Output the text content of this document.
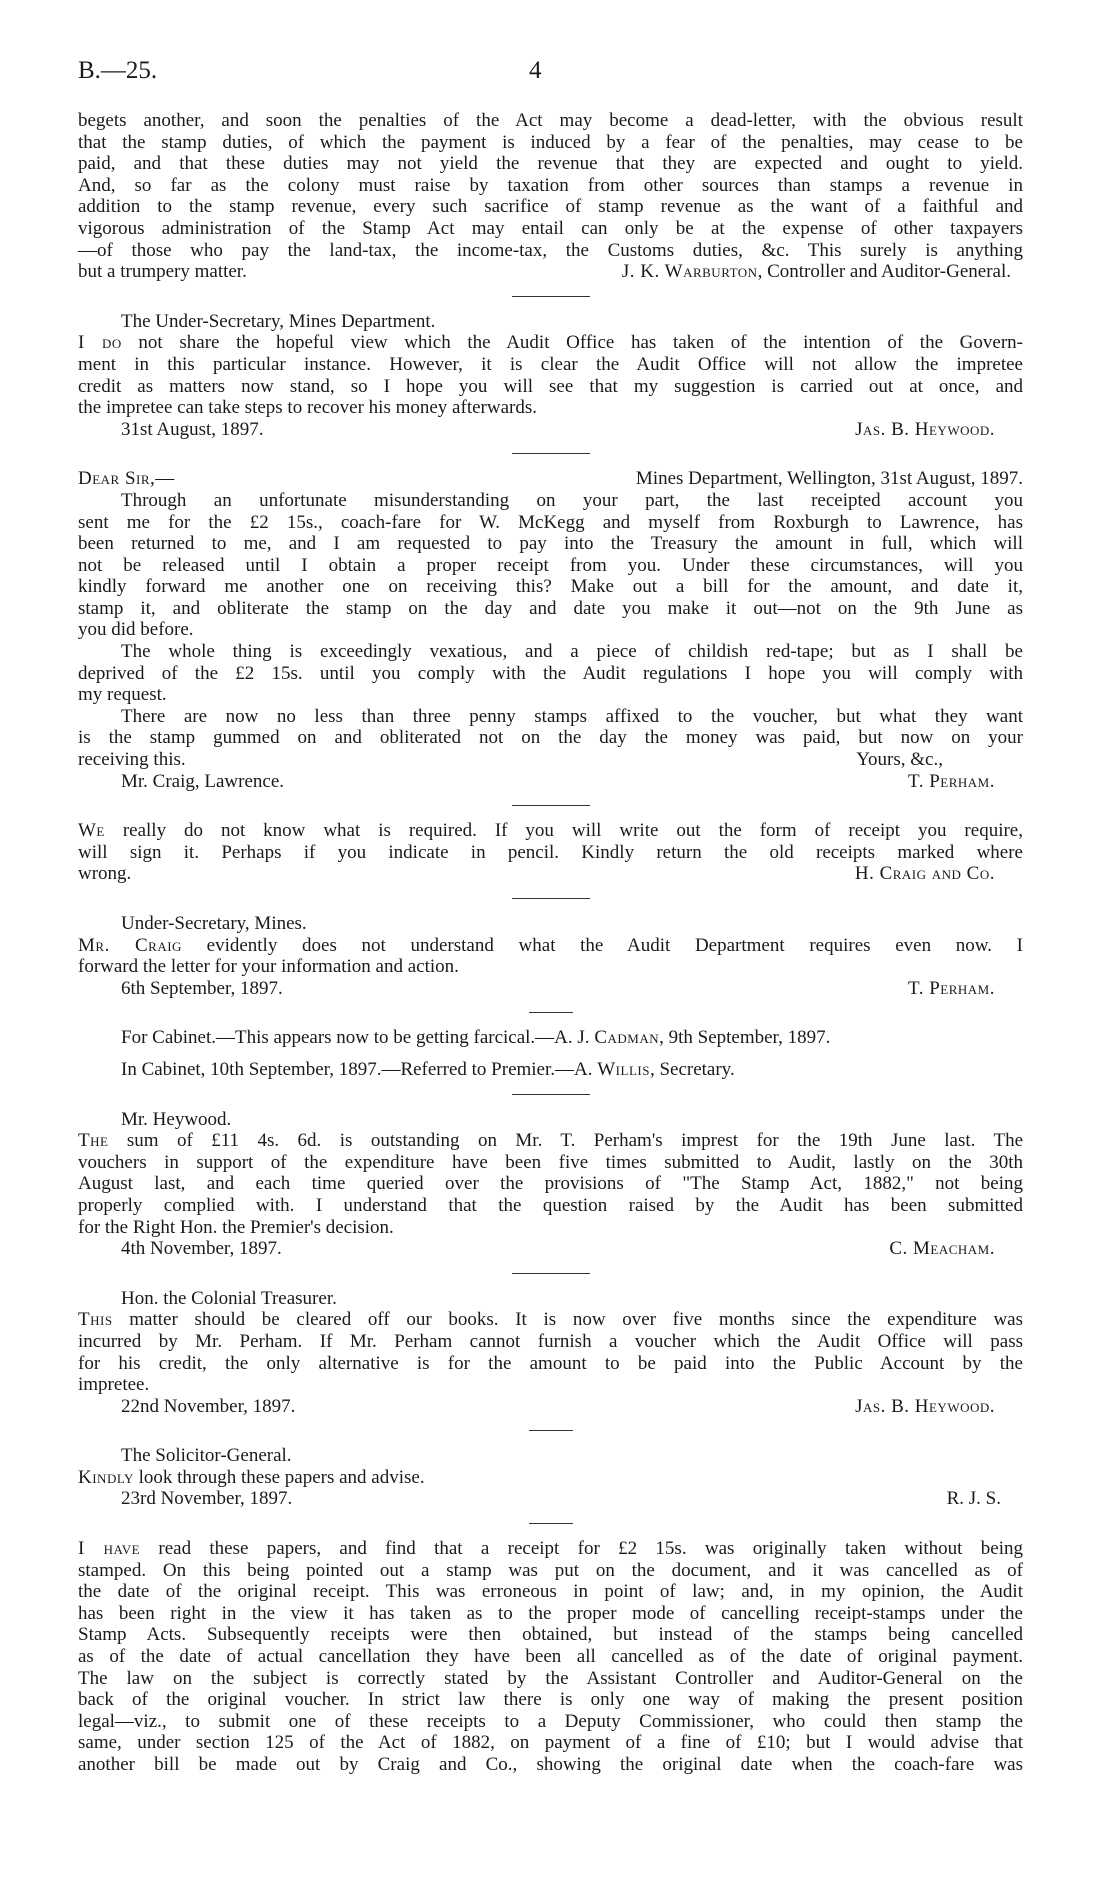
B.—25.	4

begets another, and soon the penalties of the Act may become a dead-letter, with the obvious result

that the stamp duties, of which the payment is induced by a fear of the penalties, may cease to be

paid, and that these duties may not yield the revenue that they are expected and ought to yield.

And, so far as the colony must raise by taxation from other sources than stamps a revenue in

addition to the stamp revenue, every such sacrifice of stamp revenue as the want of a faithful and

vigorous administration of the Stamp Act may entail can only be at the expense of other taxpayers

—of those who pay the land-tax, the income-tax, the Customs duties, &c. This surely is anything

but a trumpery matter.	J. K. Warburton, Controller and Auditor-General.

The Under-Secretary, Mines Department.

I do not share the hopeful view which the Audit Office has taken of the intention of the Govern-

ment in this particular instance. However, it is clear the Audit Office will not allow the impretee

credit as matters now stand, so I hope you will see that my suggestion is carried out at once, and

the impretee can take steps to recover his money afterwards.

31st August, 1897.	Jas. B. Heywood.
Dear Sir,—	Mines Department, Wellington, 31st August, 1897.

Through an unfortunate misunderstanding on your part, the last receipted account you

sent me for the £2 15s., coach-fare for W. McKegg and myself from Roxburgh to Lawrence, has

been returned to me, and I am requested to pay into the Treasury the amount in full, which will

not be released until I obtain a proper receipt from you. Under these circumstances, will you

kindly forward me another one on receiving this? Make out a bill for the amount, and date it,

stamp it, and obliterate the stamp on the day and date you make it out—not on the 9th June as

you did before.

The whole thing is exceedingly vexatious, and a piece of childish red-tape; but as I shall be

deprived of the £2 15s. until you comply with the Audit regulations I hope you will comply with

my request.

There are now no less than three penny stamps affixed to the voucher, but what they want

is the stamp gummed on and obliterated not on the day the money was paid, but now on your

receiving this.	Yours, &c.,
Mr. Craig, Lawrence.	T. Perham.

We really do not know what is required. If you will write out the form of receipt you require,

will sign it. Perhaps if you indicate in pencil. Kindly return the old receipts marked where

wrong.	H. Craig and Co.

Under-Secretary, Mines.

Mr. Craig evidently does not understand what the Audit Department requires even now. I

forward the letter for your information and action.

6th September, 1897.	T. Perham.

For Cabinet.—This appears now to be getting farcical.—A. J. Cadman, 9th September, 1897.

In Cabinet, 10th September, 1897.—Referred to Premier.—A. Willis, Secretary.

Mr. Heywood.

The sum of £11 4s. 6d. is outstanding on Mr. T. Perham's imprest for the 19th June last. The

vouchers in support of the expenditure have been five times submitted to Audit, lastly on the 30th

August last, and each time queried over the provisions of "The Stamp Act, 1882," not being

properly complied with. I understand that the question raised by the Audit has been submitted

for the Right Hon. the Premier's decision.

4th November, 1897.	C. Meacham.

Hon. the Colonial Treasurer.

This matter should be cleared off our books. It is now over five months since the expenditure was

incurred by Mr. Perham. If Mr. Perham cannot furnish a voucher which the Audit Office will pass

for his credit, the only alternative is for the amount to be paid into the Public Account by the

impretee.

22nd November, 1897.	Jas. B. Heywood.

The Solicitor-General.

Kindly look through these papers and advise.

23rd November, 1897.	R. J. S.

I have read these papers, and find that a receipt for £2 15s. was originally taken without being

stamped. On this being pointed out a stamp was put on the document, and it was cancelled as of

the date of the original receipt. This was erroneous in point of law; and, in my opinion, the Audit

has been right in the view it has taken as to the proper mode of cancelling receipt-stamps under the

Stamp Acts. Subsequently receipts were then obtained, but instead of the stamps being cancelled

as of the date of actual cancellation they have been all cancelled as of the date of original payment.

The law on the subject is correctly stated by the Assistant Controller and Auditor-General on the

back of the original voucher. In strict law there is only one way of making the present position

legal—viz., to submit one of these receipts to a Deputy Commissioner, who could then stamp the

same, under section 125 of the Act of 1882, on payment of a fine of £10; but I would advise that

another bill be made out by Craig and Co., showing the original date when the coach-fare was
